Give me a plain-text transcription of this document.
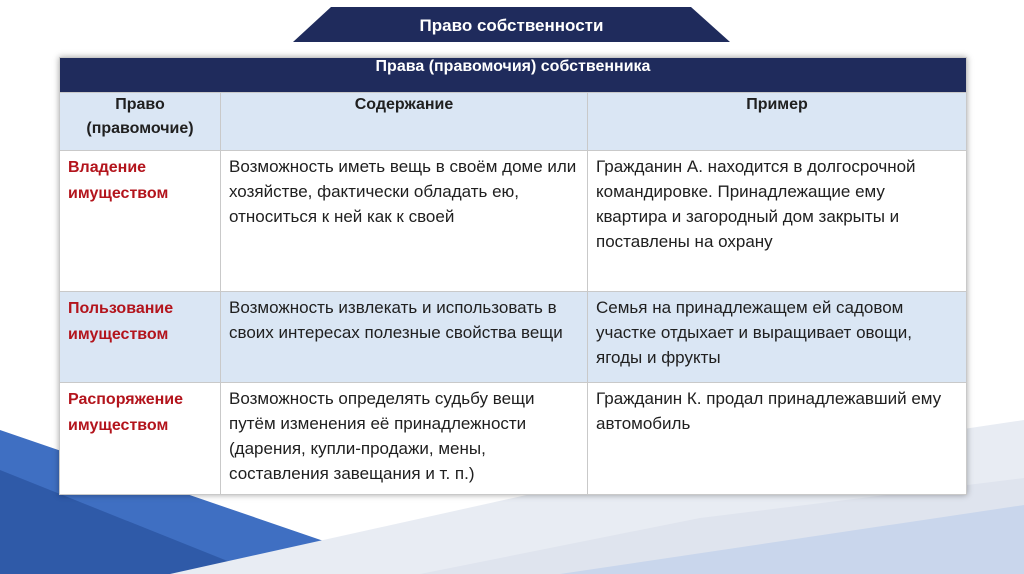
Право собственности
Права (правомочия) собственника		
Право (правомочие)	Содержание	Пример
Владение имуществом	Возможность иметь вещь в своём доме или хозяйстве, фактически обладать ею, относиться к ней как к своей	Гражданин А. находится в долгосрочной командировке. Принадлежащие ему квартира и загородный дом закрыты и поставлены на охрану
Пользование имуществом	Возможность извлекать и использовать в своих интересах полезные свойства вещи	Семья на принадлежащем ей садовом участке отдыхает и выращивает овощи, ягоды и фрукты
Распоряжение имуществом	Возможность определять судьбу вещи путём изменения её принадлежности (дарения, купли-продажи, мены, составления завещания и т. п.)	Гражданин К. продал принадлежавший ему автомобиль
